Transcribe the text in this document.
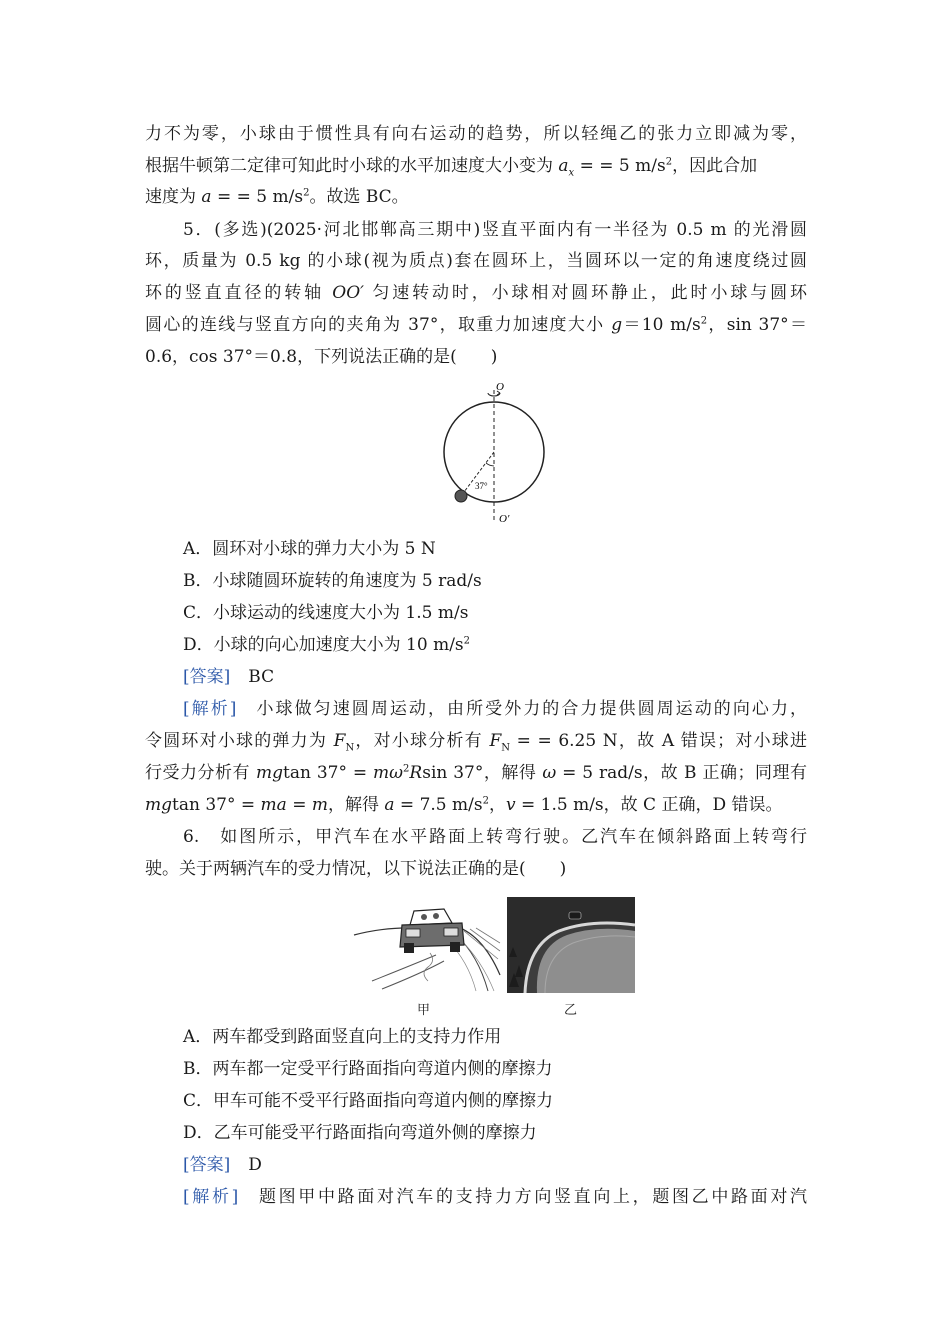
力不为零，小球由于惯性具有向右运动的趋势，所以轻绳乙的张力立即减为零，
根据牛顿第二定律可知此时小球的水平加速度大小变为 $a_x$ = = 5 $m/s^2$，因此合加
速度为 a = = 5 $m/s^2$。故选 BC。
5．(多选)(2025·河北邯郸高三期中)竖直平面内有一半径为 0.5 m 的光滑圆
环，质量为 0.5 kg 的小球(视为质点)套在圆环上，当圆环以一定的角速度绕过圆
环的竖直直径的转轴 OO′ 匀速转动时，小球相对圆环静止，此时小球与圆环
圆心的连线与竖直方向的夹角为 37°，取重力加速度大小 g＝10 $m/s^2$，sin 37°＝
0.6，cos 37°＝0.8，下列说法正确的是(　　)
O
O′
37°
A．圆环对小球的弹力大小为 5 N
B．小球随圆环旋转的角速度为 5 rad/s
C．小球运动的线速度大小为 1.5 m/s
D．小球的向心加速度大小为 10 $m/s^2$
[答案] BC
[解析] 小球做匀速圆周运动，由所受外力的合力提供圆周运动的向心力，
令圆环对小球的弹力为 $F_N$，对小球分析有 $F_N$ = = 6.25 N，故 A 错误；对小球进
行受力分析有 mgtan $37^\circ = m\omega^2Rsin$ 37°，解得 ω = 5 rad/s，故 B 正确；同理有
mgtan 37° = ma = m，解得 a = 7.5 $m/s^2$，v = 1.5 m/s，故 C 正确，D 错误。
6.　如图所示，甲汽车在水平路面上转弯行驶。乙汽车在倾斜路面上转弯行
驶。关于两辆汽车的受力情况，以下说法正确的是(　　)
甲	乙
A．两车都受到路面竖直向上的支持力作用
B．两车都一定受平行路面指向弯道内侧的摩擦力
C．甲车可能不受平行路面指向弯道内侧的摩擦力
D．乙车可能受平行路面指向弯道外侧的摩擦力
[答案] D
[解析] 题图甲中路面对汽车的支持力方向竖直向上，题图乙中路面对汽
